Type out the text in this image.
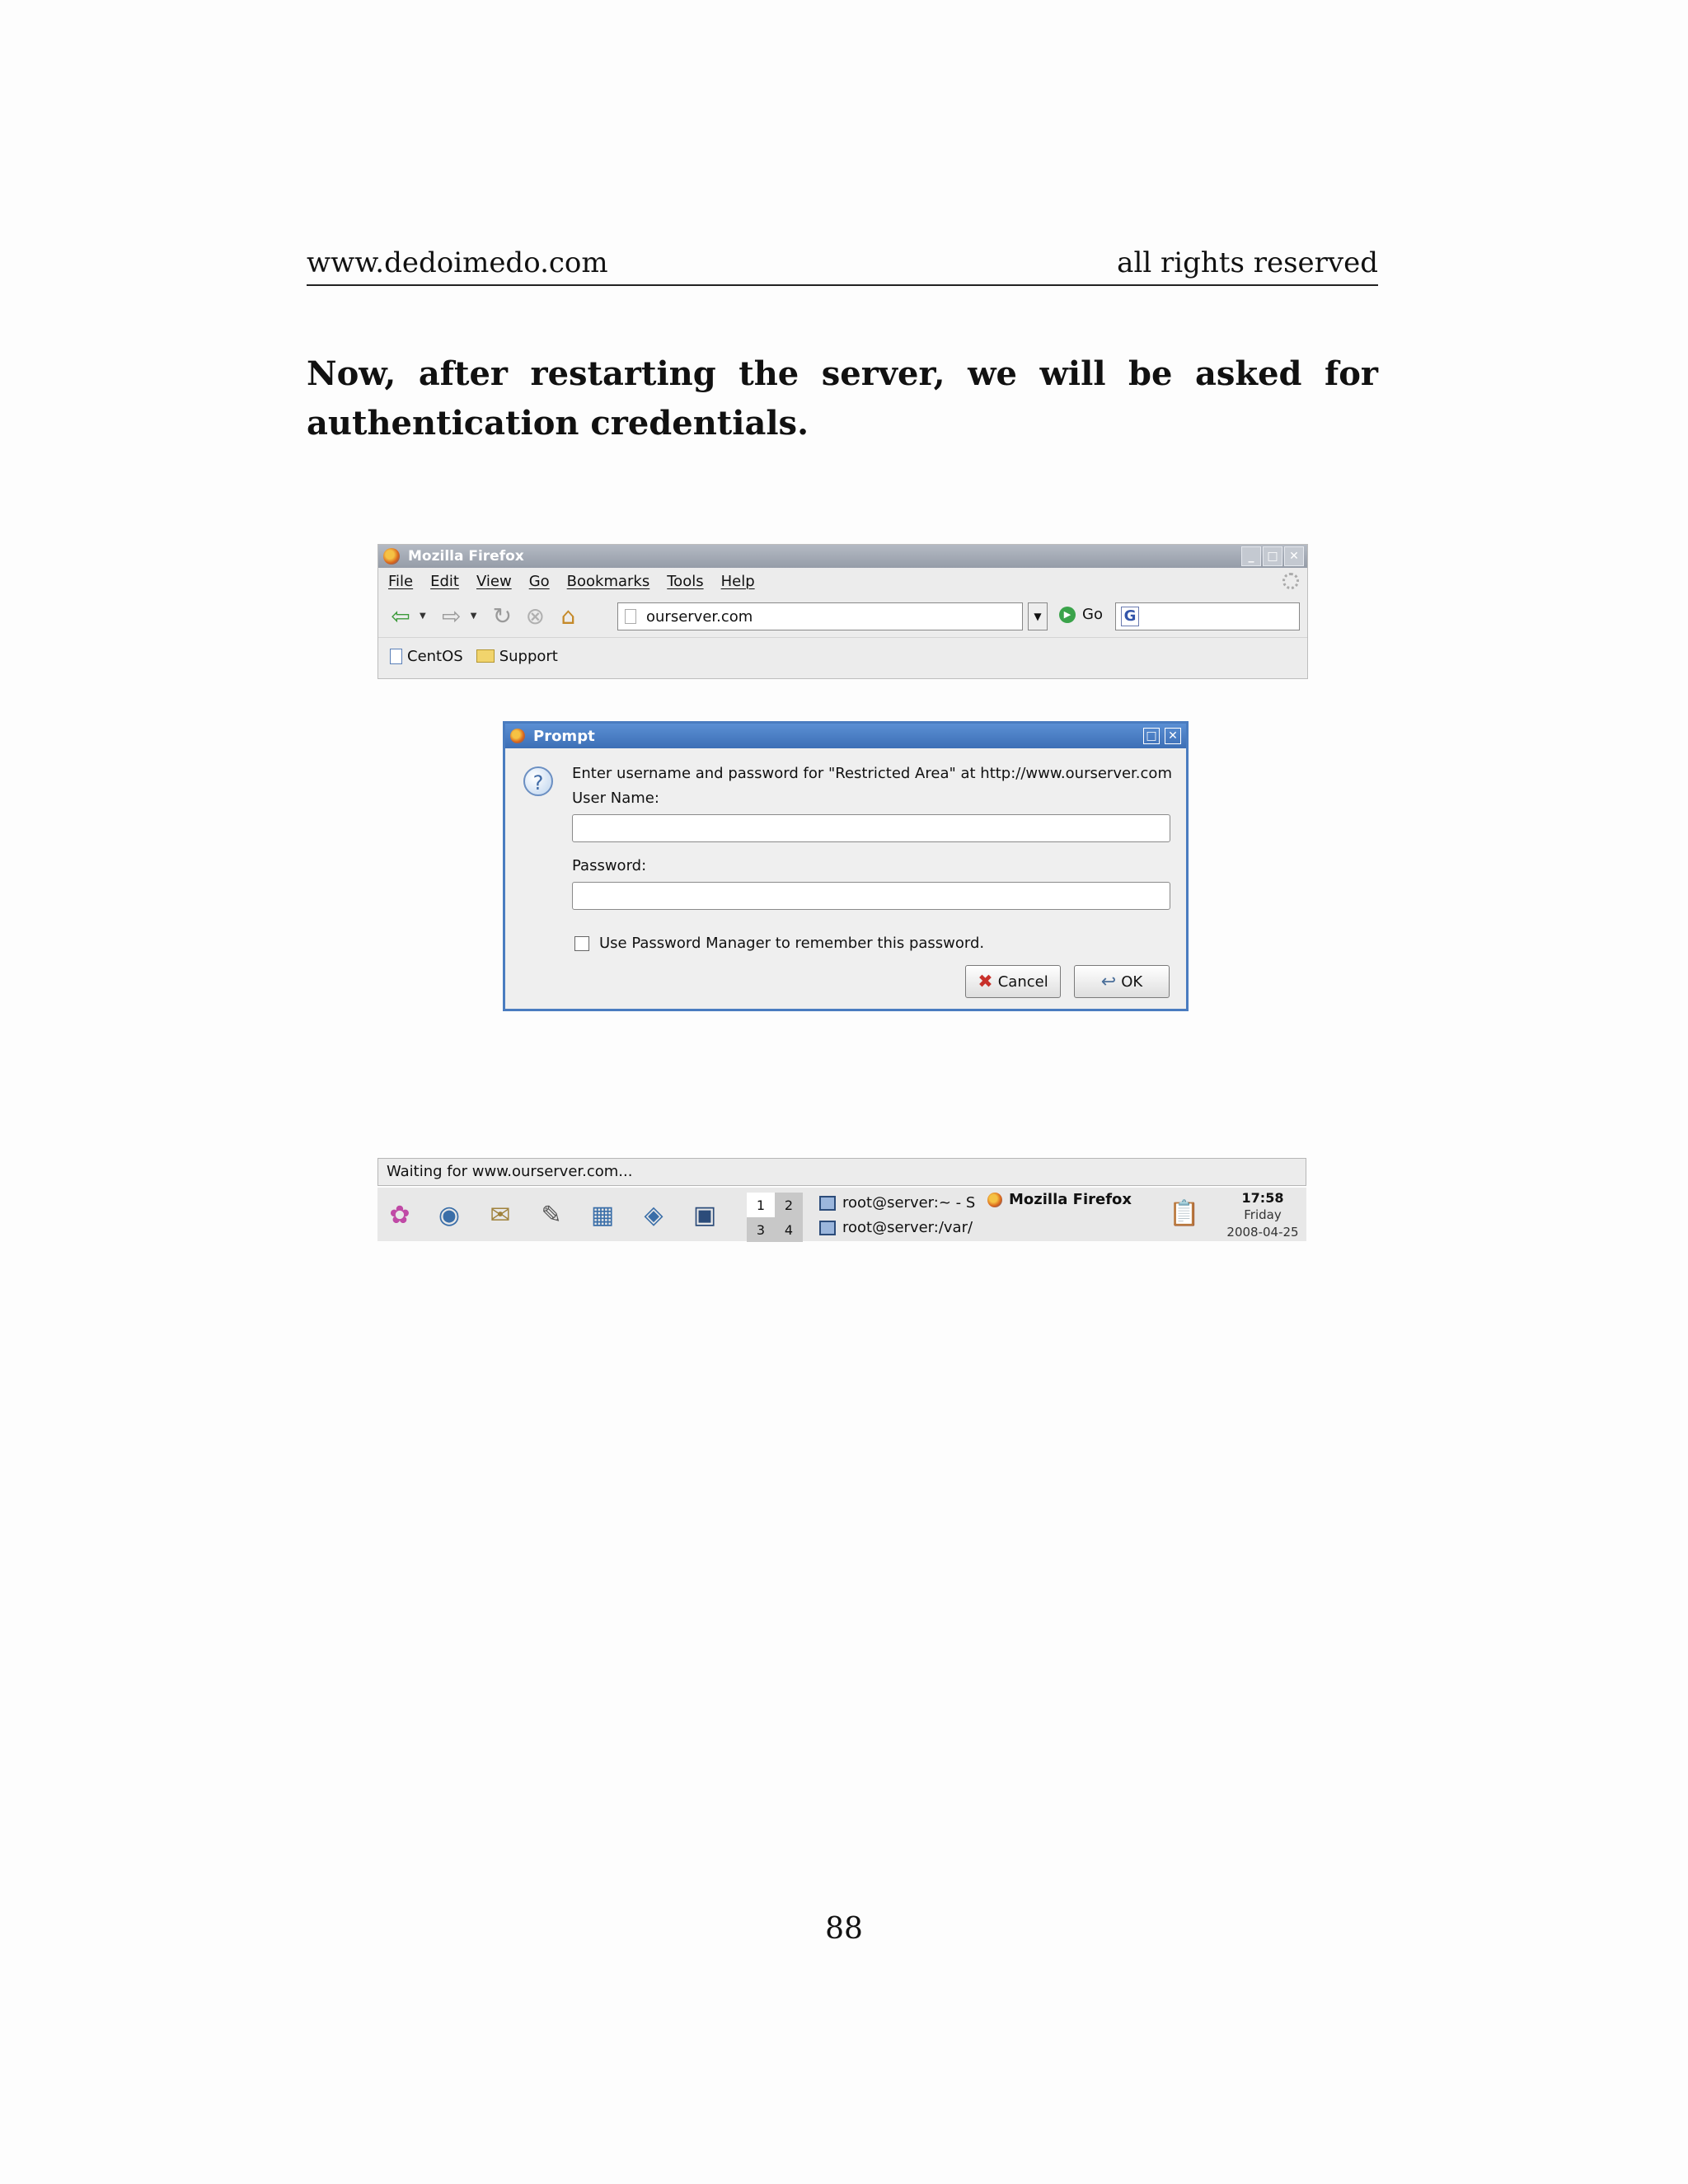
www.dedoimedo.com	all rights reserved
Now, after restarting the server, we will be asked for authentication credentials.
Mozilla Firefox	_	□ ✕
File Edit View Go Bookmarks Tools Help
⇦	▼ ⇨	▼ ↻ ⊗ ⌂	ourserver.com	▼	▶ Go G
CentOS Support
Prompt	□ ✕
?	Enter username and password for "Restricted Area" at http://www.ourserver.com
User Name:
Password:
Use Password Manager to remember this password.
✖ Cancel	↩ OK
Waiting for www.ourserver.com...
✿ ◉ ✉ ✎ ▦ ◈ ▣	1	2
3	4
root@server:~ - S
root@server:/var/
Mozilla Firefox 📋
17:58
Friday
2008-04-25
88
